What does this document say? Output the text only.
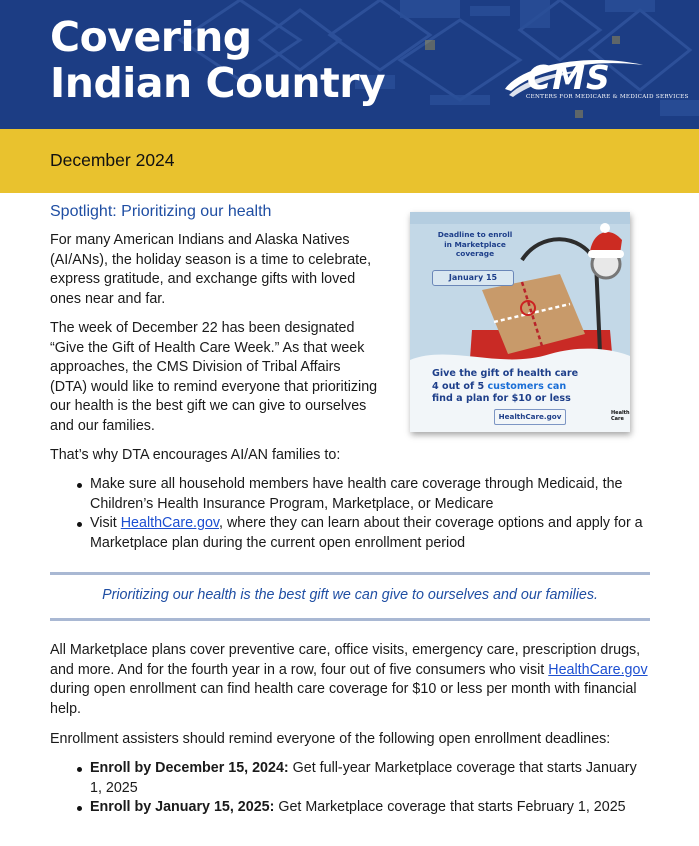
Covering
Indian Country	CMS
CENTERS FOR MEDICARE & MEDICAID SERVICES
December 2024
Spotlight: Prioritizing our health

For many American Indians and Alaska Natives (AI/ANs), the holiday season is a time to celebrate, express gratitude, and exchange gifts with loved ones near and far.

The week of December 22 has been designated “Give the Gift of Health Care Week.” As that week approaches, the CMS Division of Tribal Affairs (DTA) would like to remind everyone that prioritizing our health is the best gift we can give to ourselves and our families.

That’s why DTA encourages AI/AN families to:

Make sure all household members have health care coverage through Medicaid, the Children’s Health Insurance Program, Marketplace, or Medicare
Visit HealthCare.gov, where they can learn about their coverage options and apply for a Marketplace plan during the current open enrollment period
Deadline to enroll in Marketplace coverage
January 15
Give the gift of health care
4 out of 5 customers can
find a plan for $10 or less
HealthCare.gov	Health Care
Prioritizing our health is the best gift we can give to ourselves and our families.

All Marketplace plans cover preventive care, office visits, emergency care, prescription drugs, and more. And for the fourth year in a row, four out of five consumers who visit HealthCare.gov during open enrollment can find health care coverage for $10 or less per month with financial help.

Enrollment assisters should remind everyone of the following open enrollment deadlines:

Enroll by December 15, 2024: Get full-year Marketplace coverage that starts January 1, 2025
Enroll by January 15, 2025: Get Marketplace coverage that starts February 1, 2025
